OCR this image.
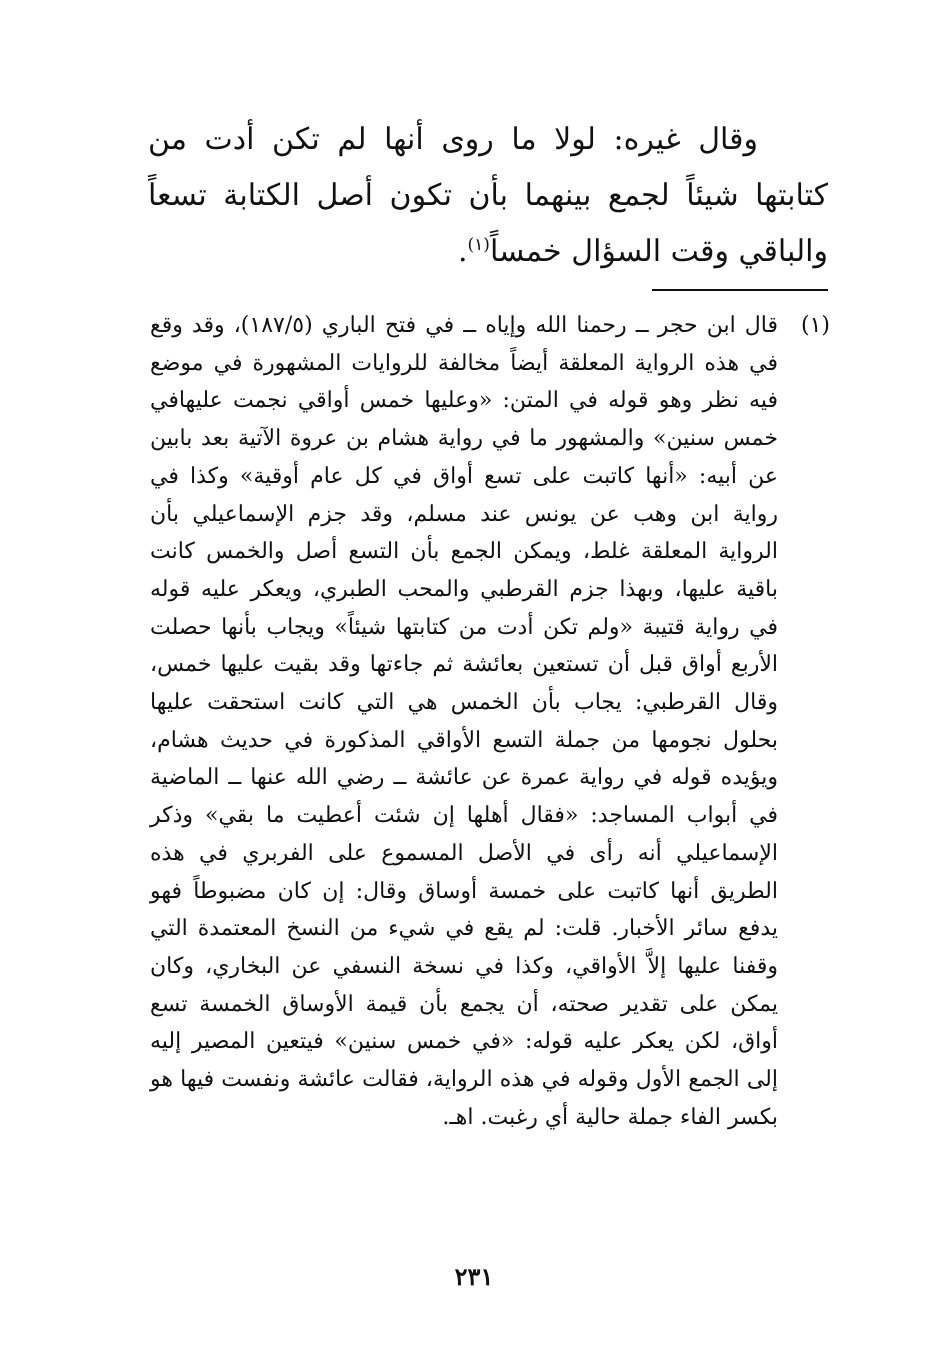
وقال غيره: لولا ما روى أنها لم تكن أدت من كتابتها شيئاً لجمع بينهما بأن تكون أصل الكتابة تسعاً والباقي وقت السؤال خمساً$^{(١)}$.

(١)

قال ابن حجر ــ رحمنا الله وإياه ــ في فتح الباري (١٨٧/٥)، وقد وقع في هذه الرواية المعلقة أيضاً مخالفة للروايات المشهورة في موضع فيه نظر وهو قوله في المتن: «وعليها خمس أواقي نجمت عليهافي خمس سنين» والمشهور ما في رواية هشام بن عروة الآتية بعد بابين عن أبيه: «أنها كاتبت على تسع أواق في كل عام أوقية» وكذا في رواية ابن وهب عن يونس عند مسلم، وقد جزم الإسماعيلي بأن الرواية المعلقة غلط، ويمكن الجمع بأن التسع أصل والخمس كانت باقية عليها، وبهذا جزم القرطبي والمحب الطبري، ويعكر عليه قوله في رواية قتيبة «ولم تكن أدت من كتابتها شيئاً» ويجاب بأنها حصلت الأربع أواق قبل أن تستعين بعائشة ثم جاءتها وقد بقيت عليها خمس، وقال القرطبي: يجاب بأن الخمس هي التي كانت استحقت عليها بحلول نجومها من جملة التسع الأواقي المذكورة في حديث هشام، ويؤيده قوله في رواية عمرة عن عائشة ــ رضي الله عنها ــ الماضية في أبواب المساجد: «فقال أهلها إن شئت أعطيت ما بقي» وذكر الإسماعيلي أنه رأى في الأصل المسموع على الفربري في هذه الطريق أنها كاتبت على خمسة أوساق وقال: إن كان مضبوطاً فهو يدفع سائر الأخبار. قلت: لم يقع في شيء من النسخ المعتمدة التي وقفنا عليها إلاَّ الأواقي، وكذا في نسخة النسفي عن البخاري، وكان يمكن على تقدير صحته، أن يجمع بأن قيمة الأوساق الخمسة تسع أواق، لكن يعكر عليه قوله: «في خمس سنين» فيتعين المصير إليه إلى الجمع الأول وقوله في هذه الرواية، فقالت عائشة ونفست فيها هو بكسر الفاء جملة حالية أي رغبت. اهـ.

٢٣١
